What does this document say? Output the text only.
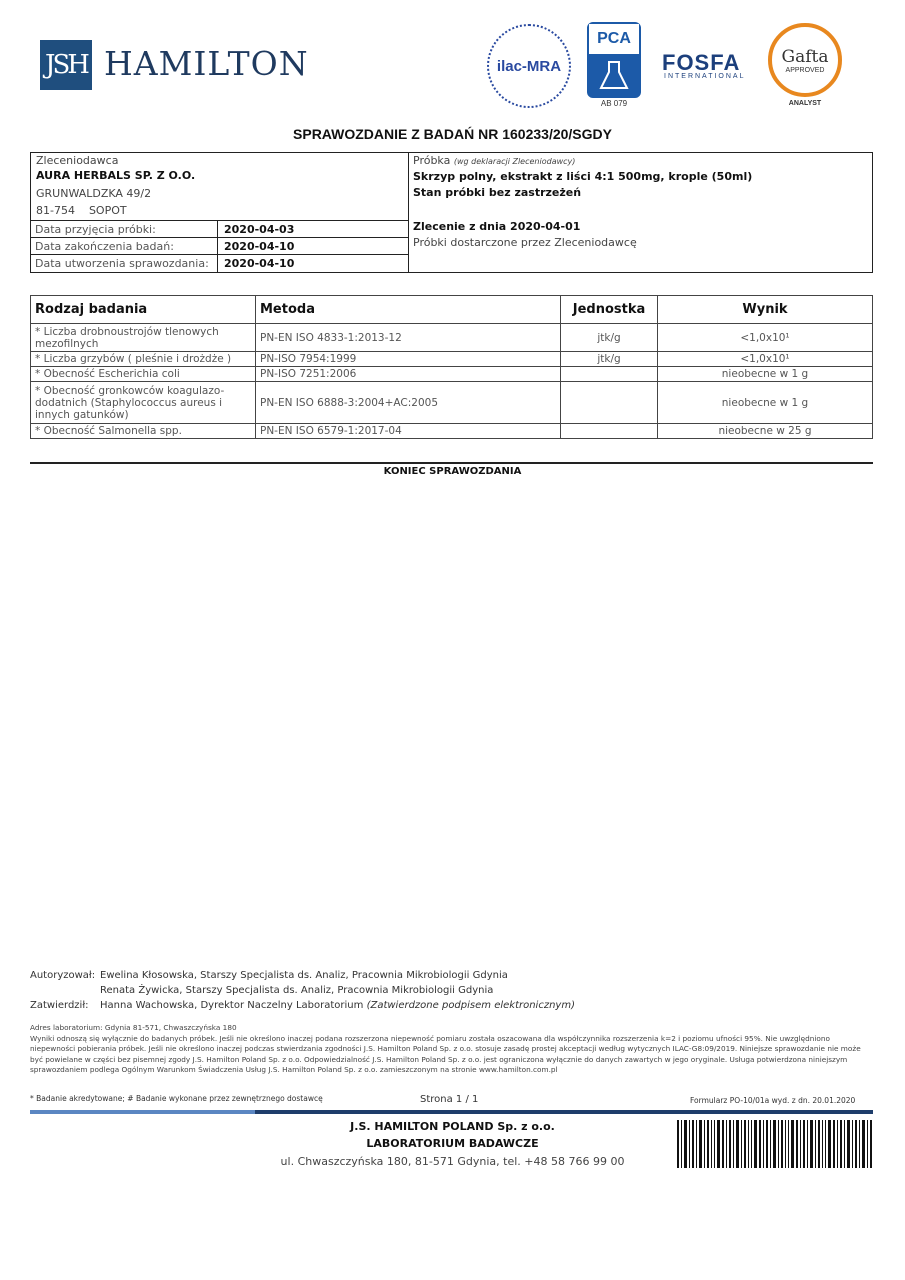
JSH HAMILTON	ilac-MRA
PCA
AB 079
FOSFA
INTERNATIONAL
Gafta
APPROVED
ANALYST
SPRAWOZDANIE Z BADAŃ NR 160233/20/SGDY
Zleceniodawca
AURA HERBALS SP. Z O.O.
GRUNWALDZKA 49/2
81-754    SOPOT
Data przyjęcia próbki:	2020-04-03
Data zakończenia badań:	2020-04-10
Data utworzenia sprawozdania:	2020-04-10
Próbka (wg deklaracji Zleceniodawcy)
Skrzyp polny, ekstrakt z liści 4:1 500mg, krople (50ml)
Stan próbki bez zastrzeżeń
Zlecenie z dnia 2020-04-01
Próbki dostarczone przez Zleceniodawcę
Rodzaj badania	Metoda	Jednostka	Wynik
* Liczba drobnoustrojów tlenowych mezofilnych	PN-EN ISO 4833-1:2013-12	jtk/g	<1,0x10¹
* Liczba grzybów ( pleśnie i drożdże )	PN-ISO 7954:1999	jtk/g	<1,0x10¹
* Obecność Escherichia coli	PN-ISO 7251:2006		nieobecne w 1 g
* Obecność gronkowców koagulazo-dodatnich (Staphylococcus aureus i innych gatunków)	PN-EN ISO 6888-3:2004+AC:2005		nieobecne w 1 g
* Obecność Salmonella spp.	PN-EN ISO 6579-1:2017-04		nieobecne w 25 g
KONIEC SPRAWOZDANIA
Autoryzował: Ewelina Kłosowska, Starszy Specjalista ds. Analiz, Pracownia Mikrobiologii Gdynia
Renata Żywicka, Starszy Specjalista ds. Analiz, Pracownia Mikrobiologii Gdynia
Zatwierdził: Hanna Wachowska, Dyrektor Naczelny Laboratorium (Zatwierdzone podpisem elektronicznym)
Adres laboratorium: Gdynia 81-571, Chwaszczyńska 180
Wyniki odnoszą się wyłącznie do badanych próbek. Jeśli nie określono inaczej podana rozszerzona niepewność pomiaru została oszacowana dla współczynnika rozszerzenia k=2 i poziomu ufności 95%. Nie uwzględniono niepewności pobierania próbek. Jeśli nie określono inaczej podczas stwierdzania zgodności J.S. Hamilton Poland Sp. z o.o. stosuje zasadę prostej akceptacji według wytycznych ILAC-G8:09/2019. Niniejsze sprawozdanie nie może być powielane w części bez pisemnej zgody J.S. Hamilton Poland Sp. z o.o. Odpowiedzialność J.S. Hamilton Poland Sp. z o.o. jest ograniczona wyłącznie do danych zawartych w jego oryginale. Usługa potwierdzona niniejszym sprawozdaniem podlega Ogólnym Warunkom Świadczenia Usług J.S. Hamilton Poland Sp. z o.o. zamieszczonym na stronie www.hamilton.com.pl
* Badanie akredytowane; # Badanie wykonane przez zewnętrznego dostawcę	Strona 1 / 1	Formularz PO-10/01a wyd. z dn. 20.01.2020
J.S. HAMILTON POLAND Sp. z o.o.
LABORATORIUM BADAWCZE
ul. Chwaszczyńska 180, 81-571 Gdynia, tel. +48 58 766 99 00
